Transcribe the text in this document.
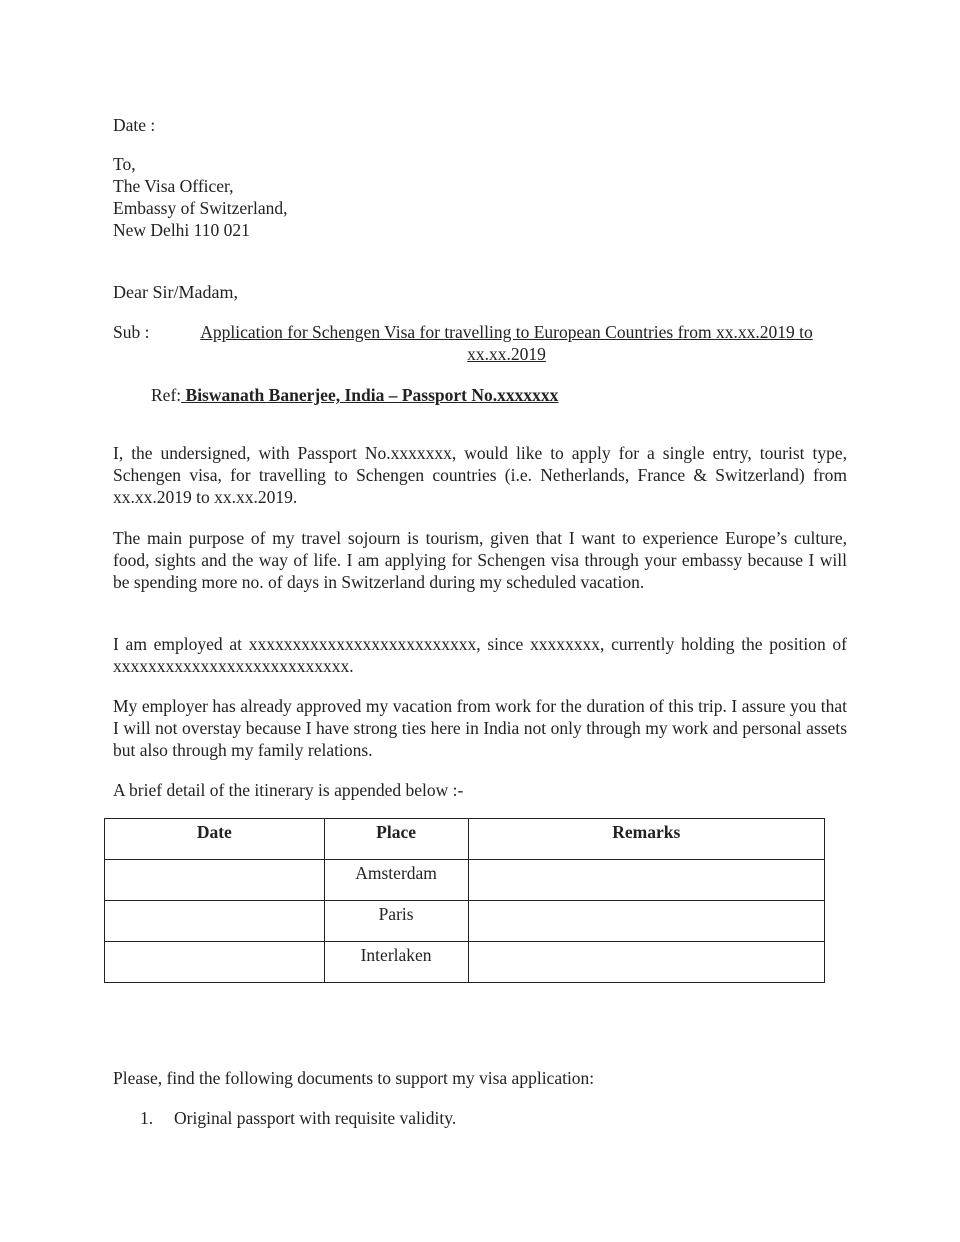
Date :

To,
The Visa Officer,
Embassy of Switzerland,
New Delhi 110 021

Dear Sir/Madam,

Sub :	Application for Schengen Visa for travelling to European Countries from xx.xx.2019 to xx.xx.2019
Ref: Biswanath Banerjee, India – Passport No.xxxxxxx

I, the undersigned, with Passport No.xxxxxxx, would like to apply for a single entry, tourist type, Schengen visa, for travelling to Schengen countries (i.e. Netherlands, France & Switzerland) from xx.xx.2019 to xx.xx.2019.

The main purpose of my travel sojourn is tourism, given that I want to experience Europe’s culture, food, sights and the way of life. I am applying for Schengen visa through your embassy because I will be spending more no. of days in Switzerland during my scheduled vacation.

I am employed at xxxxxxxxxxxxxxxxxxxxxxxxxx, since xxxxxxxx, currently holding the position of xxxxxxxxxxxxxxxxxxxxxxxxxxx.

My employer has already approved my vacation from work for the duration of this trip. I assure you that I will not overstay because I have strong ties here in India not only through my work and personal assets but also through my family relations.

A brief detail of the itinerary is appended below :-

Date	Place	Remarks
	Amsterdam	
	Paris	
	Interlaken	

Please, find the following documents to support my visa application:

1. Original passport with requisite validity.
